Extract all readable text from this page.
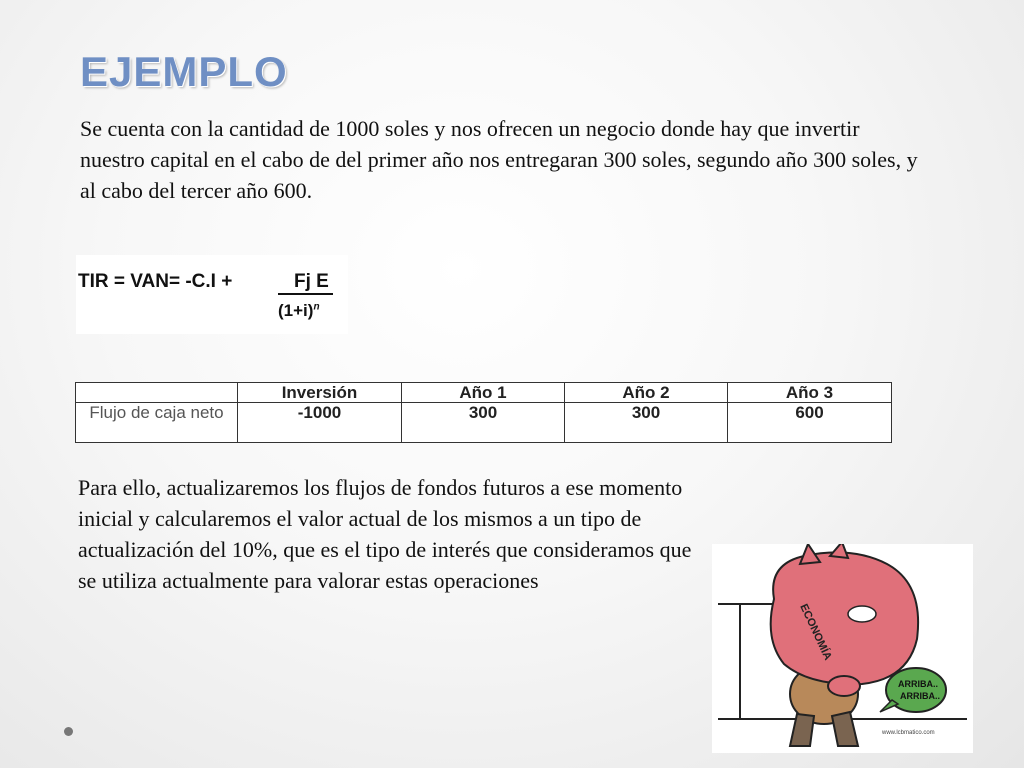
EJEMPLO
Se cuenta con la cantidad de 1000 soles y nos ofrecen un negocio donde hay que invertir nuestro capital en el cabo de del primer año nos entregaran 300 soles, segundo año 300 soles, y al cabo del tercer año 600.
TIR = VAN= -C.I +	Fj E
$(1+i)^n$
	Inversión	Año 1	Año 2	Año 3
Flujo de caja neto	-1000	300	300	600
Para ello, actualizaremos los flujos de fondos futuros a ese momento inicial y calcularemos el valor actual de los mismos a un tipo de actualización del 10%, que es el tipo de interés que consideramos que se utiliza actualmente para valorar estas operaciones
ECONOMÍA
ARRIBA..
ARRIBA..
www.lcbmatico.com
